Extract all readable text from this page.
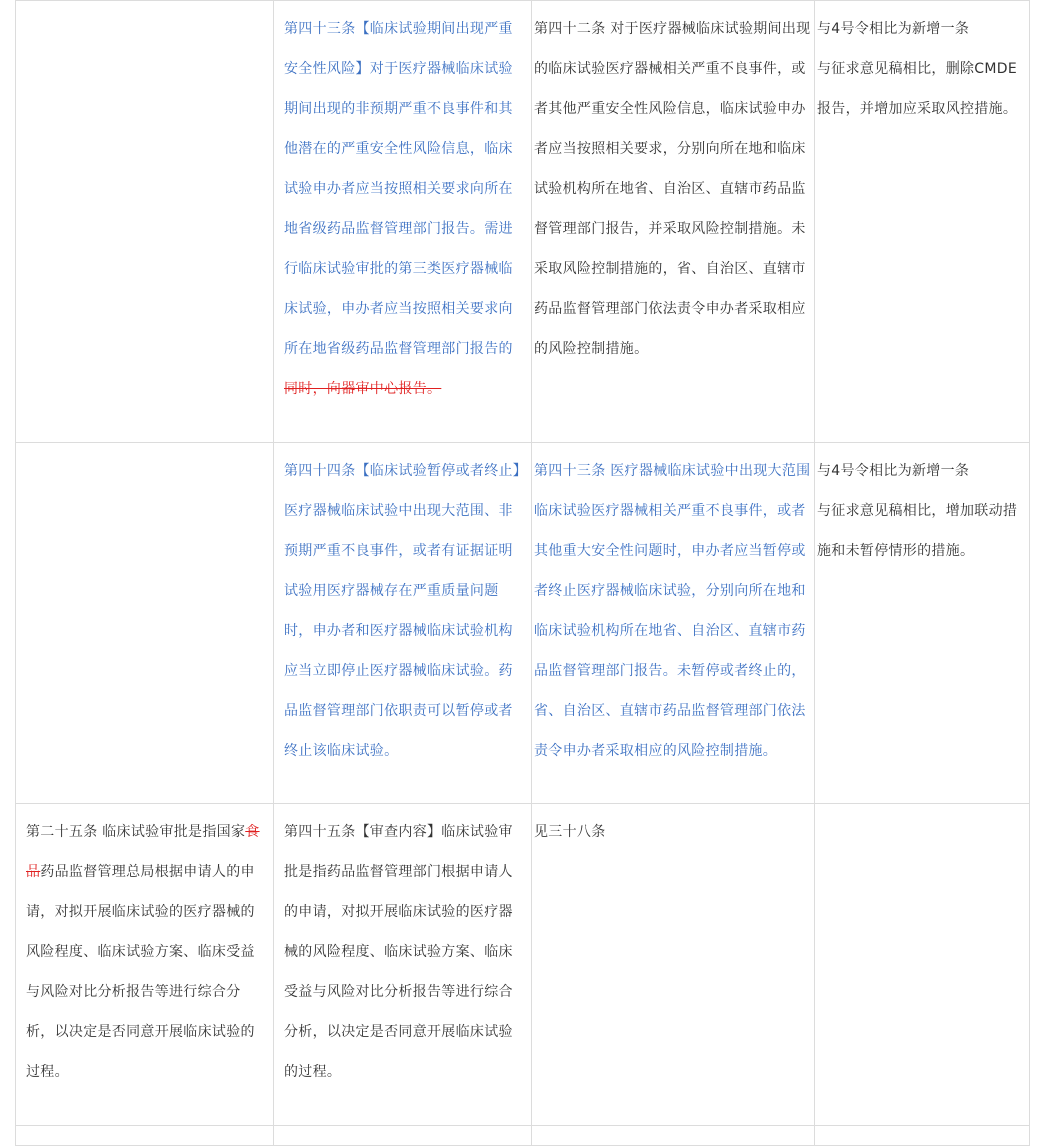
	第四十三条【临床试验期间出现严重安全性风险】对于医疗器械临床试验期间出现的非预期严重不良事件和其他潜在的严重安全性风险信息，临床试验申办者应当按照相关要求向所在地省级药品监督管理部门报告。需进行临床试验审批的第三类医疗器械临床试验，申办者应当按照相关要求向所在地省级药品监督管理部门报告的同时，向器审中心报告。	第四十二条 对于医疗器械临床试验期间出现的临床试验医疗器械相关严重不良事件，或者其他严重安全性风险信息，临床试验申办者应当按照相关要求，分别向所在地和临床试验机构所在地省、自治区、直辖市药品监督管理部门报告，并采取风险控制措施。未采取风险控制措施的，省、自治区、直辖市药品监督管理部门依法责令申办者采取相应的风险控制措施。	与4号令相比为新增一条
与征求意见稿相比，删除CMDE
报告，并增加应采取风控措施。

	第四十四条【临床试验暂停或者终止】医疗器械临床试验中出现大范围、非预期严重不良事件，或者有证据证明试验用医疗器械存在严重质量问题时，申办者和医疗器械临床试验机构应当立即停止医疗器械临床试验。药品监督管理部门依职责可以暂停或者终止该临床试验。	第四十三条 医疗器械临床试验中出现大范围临床试验医疗器械相关严重不良事件，或者其他重大安全性问题时，申办者应当暂停或者终止医疗器械临床试验，分别向所在地和临床试验机构所在地省、自治区、直辖市药品监督管理部门报告。未暂停或者终止的，省、自治区、直辖市药品监督管理部门依法责令申办者采取相应的风险控制措施。	与4号令相比为新增一条
与征求意见稿相比，增加联动措
施和未暂停情形的措施。

第二十五条 临床试验审批是指国家食品药品监督管理总局根据申请人的申请，对拟开展临床试验的医疗器械的风险程度、临床试验方案、临床受益与风险对比分析报告等进行综合分析，以决定是否同意开展临床试验的过程。	第四十五条【审查内容】临床试验审批是指药品监督管理部门根据申请人的申请，对拟开展临床试验的医疗器械的风险程度、临床试验方案、临床受益与风险对比分析报告等进行综合分析，以决定是否同意开展临床试验的过程。	见三十八条	
